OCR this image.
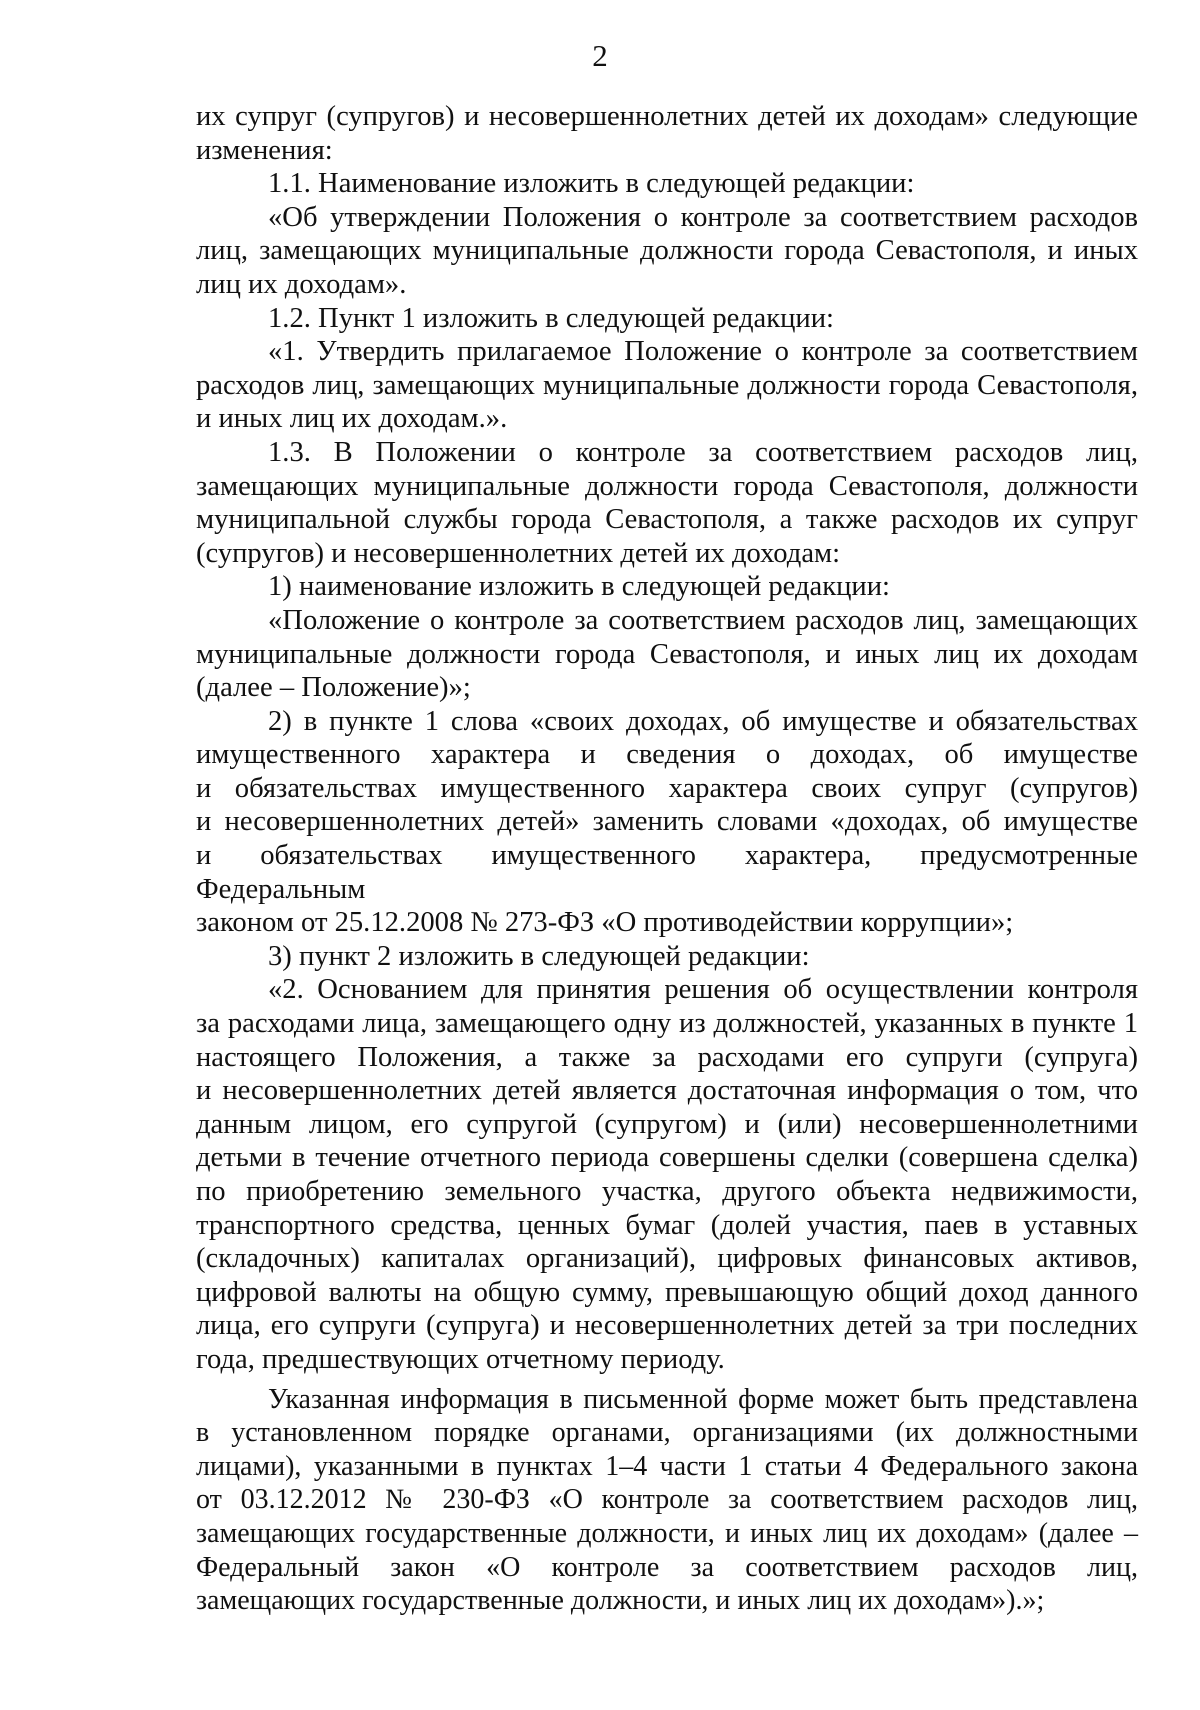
2
их супруг (супругов) и несовершеннолетних детей их доходам» следующие
изменения:
1.1. Наименование изложить в следующей редакции:
«Об утверждении Положения о контроле за соответствием расходов
лиц, замещающих муниципальные должности города Севастополя, и иных
лиц их доходам».
1.2. Пункт 1 изложить в следующей редакции:
«1. Утвердить прилагаемое Положение о контроле за соответствием
расходов лиц, замещающих муниципальные должности города Севастополя,
и иных лиц их доходам.».
1.3. В Положении о контроле за соответствием расходов лиц,
замещающих муниципальные должности города Севастополя, должности
муниципальной службы города Севастополя, а также расходов их супруг
(супругов) и несовершеннолетних детей их доходам:
1) наименование изложить в следующей редакции:
«Положение о контроле за соответствием расходов лиц, замещающих
муниципальные должности города Севастополя, и иных лиц их доходам
(далее – Положение)»;
2) в пункте 1 слова «своих доходах, об имуществе и обязательствах
имущественного характера и сведения о доходах, об имуществе
и обязательствах имущественного характера своих супруг (супругов)
и несовершеннолетних детей» заменить словами «доходах, об имуществе
и обязательствах имущественного характера, предусмотренные Федеральным
законом от 25.12.2008 № 273-ФЗ «О противодействии коррупции»;
3) пункт 2 изложить в следующей редакции:
«2. Основанием для принятия решения об осуществлении контроля
за расходами лица, замещающего одну из должностей, указанных в пункте 1
настоящего Положения, а также за расходами его супруги (супруга)
и несовершеннолетних детей является достаточная информация о том, что
данным лицом, его супругой (супругом) и (или) несовершеннолетними
детьми в течение отчетного периода совершены сделки (совершена сделка)
по приобретению земельного участка, другого объекта недвижимости,
транспортного средства, ценных бумаг (долей участия, паев в уставных
(складочных) капиталах организаций), цифровых финансовых активов,
цифровой валюты на общую сумму, превышающую общий доход данного
лица, его супруги (супруга) и несовершеннолетних детей за три последних
года, предшествующих отчетному периоду.
Указанная информация в письменной форме может быть представлена
в установленном порядке органами, организациями (их должностными
лицами), указанными в пунктах 1–4 части 1 статьи 4 Федерального закона
от 03.12.2012 № 230-ФЗ «О контроле за соответствием расходов лиц,
замещающих государственные должности, и иных лиц их доходам» (далее –
Федеральный закон «О контроле за соответствием расходов лиц,
замещающих государственные должности, и иных лиц их доходам»).»;
